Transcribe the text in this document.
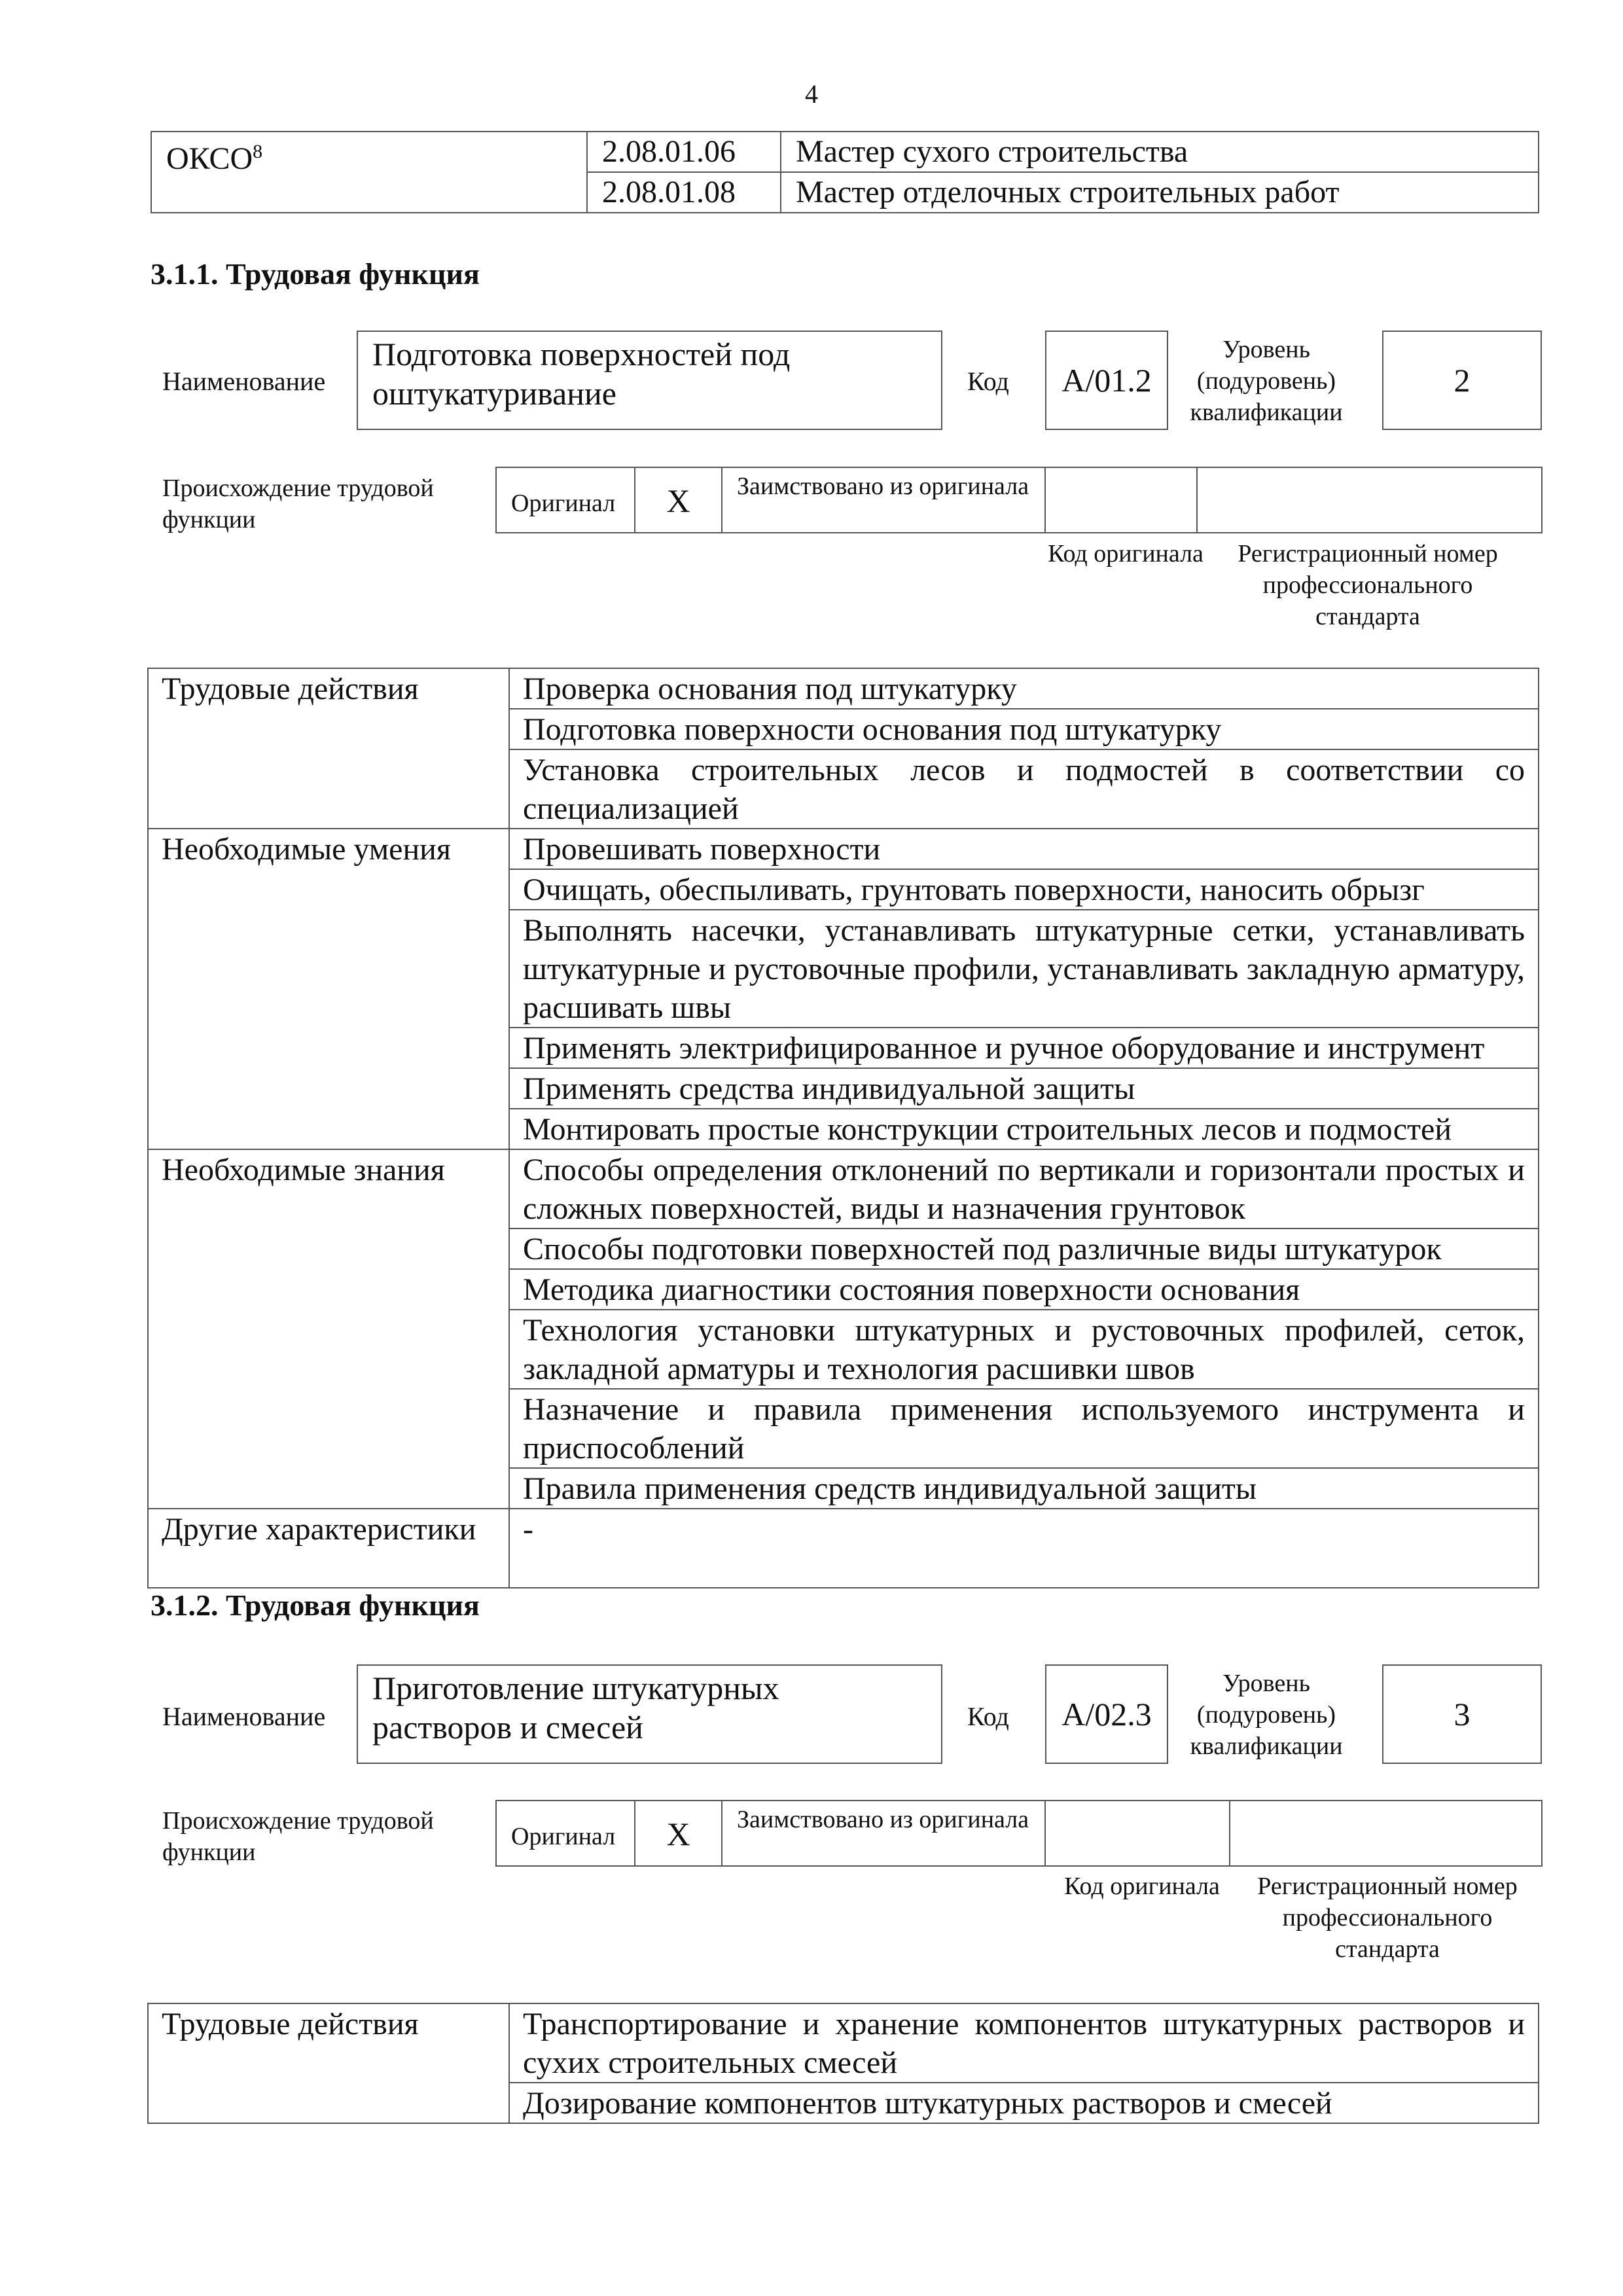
4
ОКСО$^8$	2.08.01.06	Мастер сухого строительства
	2.08.01.08	Мастер отделочных строительных работ
3.1.1. Трудовая функция
Наименование
Подготовка поверхностей под оштукатуривание	Код	А/01.2
Уровень (подуровень) квалификации
2
Происхождение трудовой функции
Оригинал	X	Заимствовано из оригинала
Код оригинала	Регистрационный номер профессионального стандарта
Трудовые действия	Проверка основания под штукатурку
	Подготовка поверхности основания под штукатурку
	Установка строительных лесов и подмостей в соответствии со специализацией
Необходимые умения	Провешивать поверхности
	Очищать, обеспыливать, грунтовать поверхности, наносить обрызг
	Выполнять насечки, устанавливать штукатурные сетки, устанавливать штукатурные и рустовочные профили, устанавливать закладную арматуру, расшивать швы
	Применять электрифицированное и ручное оборудование и инструмент
	Применять средства индивидуальной защиты
	Монтировать простые конструкции строительных лесов и подмостей
Необходимые знания	Способы определения отклонений по вертикали и горизонтали простых и сложных поверхностей, виды и назначения грунтовок
	Способы подготовки поверхностей под различные виды штукатурок
	Методика диагностики состояния поверхности основания
	Технология установки штукатурных и рустовочных профилей, сеток, закладной арматуры и технология расшивки швов
	Назначение и правила применения используемого инструмента и приспособлений
	Правила применения средств индивидуальной защиты
Другие характеристики	-
3.1.2. Трудовая функция
Наименование
Приготовление штукатурных растворов и смесей	Код	А/02.3
Уровень (подуровень) квалификации
3
Происхождение трудовой функции
Оригинал	X	Заимствовано из оригинала
Код оригинала	Регистрационный номер профессионального стандарта
Трудовые действия	Транспортирование и хранение компонентов штукатурных растворов и сухих строительных смесей
Дозирование компонентов штукатурных растворов и смесей
